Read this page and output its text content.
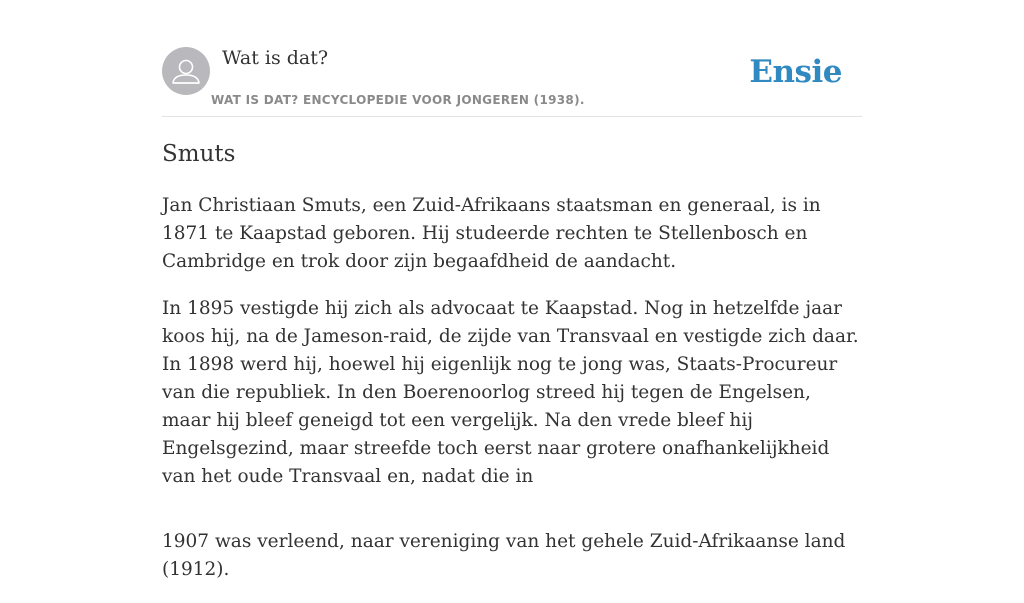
Wat is dat?
WAT IS DAT? ENCYCLOPEDIE VOOR JONGEREN (1938).
Ensie
Smuts

Jan Christiaan Smuts, een Zuid-Afrikaans staatsman en generaal, is in 1871 te Kaapstad geboren. Hij studeerde rechten te Stellenbosch en Cambridge en trok door zijn begaafdheid de aandacht.

In 1895 vestigde hij zich als advocaat te Kaapstad. Nog in hetzelfde jaar koos hij, na de Jameson-raid, de zijde van Transvaal en vestigde zich daar. In 1898 werd hij, hoewel hij eigenlijk nog te jong was, Staats-Procureur van die republiek. In den Boerenoorlog streed hij tegen de Engelsen, maar hij bleef geneigd tot een vergelijk. Na den vrede bleef hij Engelsgezind, maar streefde toch eerst naar grotere onafhankelijkheid van het oude Transvaal en, nadat die in

1907 was verleend, naar vereniging van het gehele Zuid-Afrikaanse land (1912).
